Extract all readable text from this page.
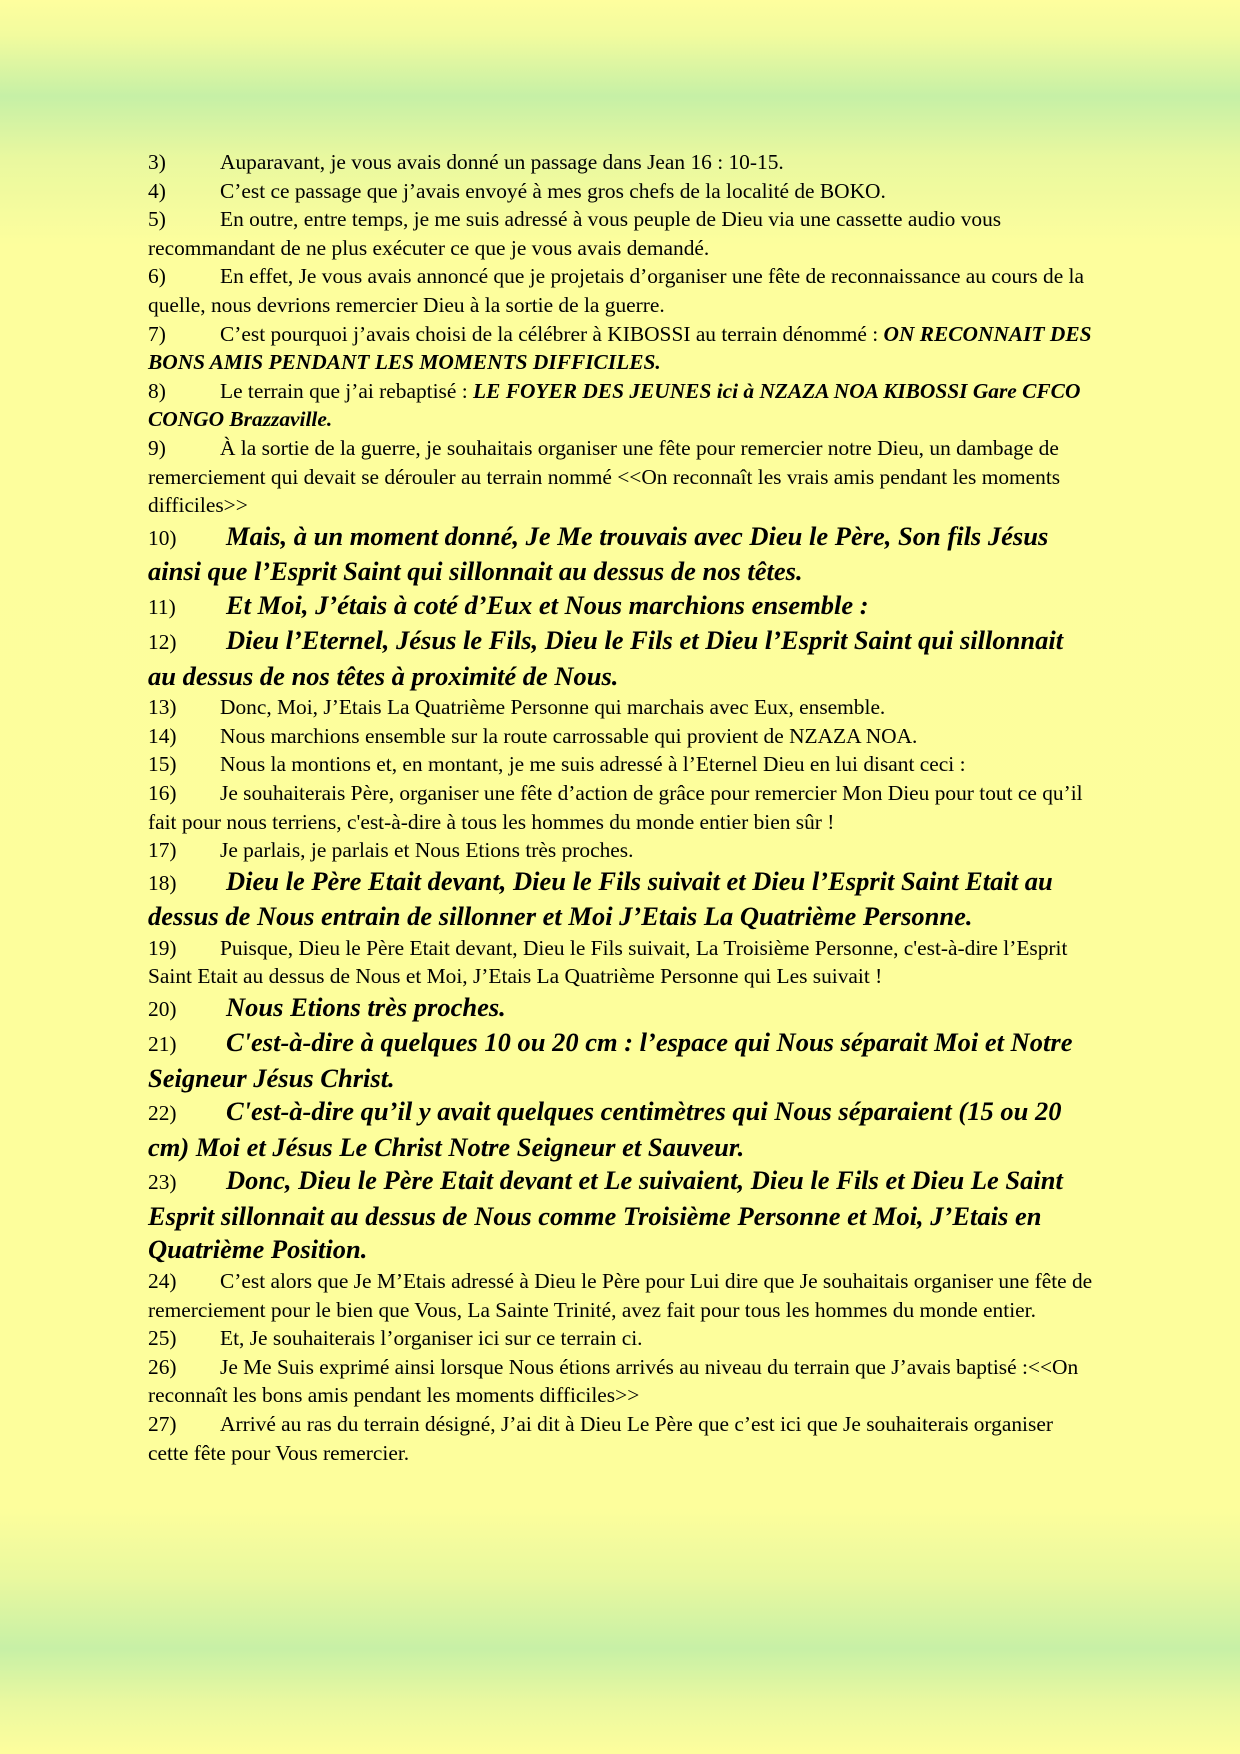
3)	Auparavant, je vous avais donné un passage dans Jean 16 : 10-15.

4)	C’est ce passage que j’avais envoyé à mes gros chefs de la localité de BOKO.

5)	En outre, entre temps, je me suis adressé à vous peuple de Dieu via une cassette audio vous recommandant de ne plus exécuter ce que je vous avais demandé.

6)	En effet, Je vous avais annoncé que je projetais d’organiser une fête de reconnaissance au cours de la quelle, nous devrions remercier Dieu à la sortie de la guerre.

7)	C’est pourquoi j’avais choisi de la célébrer à KIBOSSI au terrain dénommé : ON RECONNAIT DES BONS AMIS PENDANT LES MOMENTS DIFFICILES.

8)	Le terrain que j’ai rebaptisé : LE FOYER DES JEUNES ici à NZAZA NOA KIBOSSI Gare CFCO CONGO Brazzaville.

9)	À la sortie de la guerre, je souhaitais organiser une fête pour remercier notre Dieu, un dambage de remerciement qui devait se dérouler au terrain nommé <<On reconnaît les vrais amis pendant les moments difficiles>>

10) Mais, à un moment donné, Je Me trouvais avec Dieu le Père, Son fils Jésus ainsi que l’Esprit Saint qui sillonnait au dessus de nos têtes.

11) Et Moi, J’étais à coté d’Eux et Nous marchions ensemble :

12) Dieu l’Eternel, Jésus le Fils, Dieu le Fils et Dieu l’Esprit Saint qui sillonnait au dessus de nos têtes à proximité de Nous.

13) Donc, Moi, J’Etais La Quatrième Personne qui marchais avec Eux, ensemble.

14) Nous marchions ensemble sur la route carrossable qui provient de NZAZA NOA.

15) Nous la montions et, en montant, je me suis adressé à l’Eternel Dieu en lui disant ceci :

16) Je souhaiterais Père, organiser une fête d’action de grâce pour remercier Mon Dieu pour tout ce qu’il fait pour nous terriens, c'est-à-dire à tous les hommes du monde entier bien sûr !

17) Je parlais, je parlais et Nous Etions très proches.

18) Dieu le Père Etait devant, Dieu le Fils suivait et Dieu l’Esprit Saint Etait au dessus de Nous entrain de sillonner et Moi J’Etais La Quatrième Personne.

19) Puisque, Dieu le Père Etait devant, Dieu le Fils suivait, La Troisième Personne, c'est-à-dire l’Esprit Saint Etait au dessus de Nous et Moi, J’Etais La Quatrième Personne qui Les suivait !

20) Nous Etions très proches.

21) C'est-à-dire à quelques 10 ou 20 cm : l’espace qui Nous séparait Moi et Notre Seigneur Jésus Christ.

22) C'est-à-dire qu’il y avait quelques centimètres qui Nous séparaient (15 ou 20 cm) Moi et Jésus Le Christ Notre Seigneur et Sauveur.

23) Donc, Dieu le Père Etait devant et Le suivaient, Dieu le Fils et Dieu Le Saint Esprit sillonnait au dessus de Nous comme Troisième Personne et Moi, J’Etais en Quatrième Position.

24) C’est alors que Je M’Etais adressé à Dieu le Père pour Lui dire que Je souhaitais organiser une fête de remerciement pour le bien que Vous, La Sainte Trinité, avez fait pour tous les hommes du monde entier.

25) Et, Je souhaiterais l’organiser ici sur ce terrain ci.

26) Je Me Suis exprimé ainsi lorsque Nous étions arrivés au niveau du terrain que J’avais baptisé :<<On reconnaît les bons amis pendant les moments difficiles>>

27) Arrivé au ras du terrain désigné, J’ai dit à Dieu Le Père que c’est ici que Je souhaiterais organiser cette fête pour Vous remercier.
